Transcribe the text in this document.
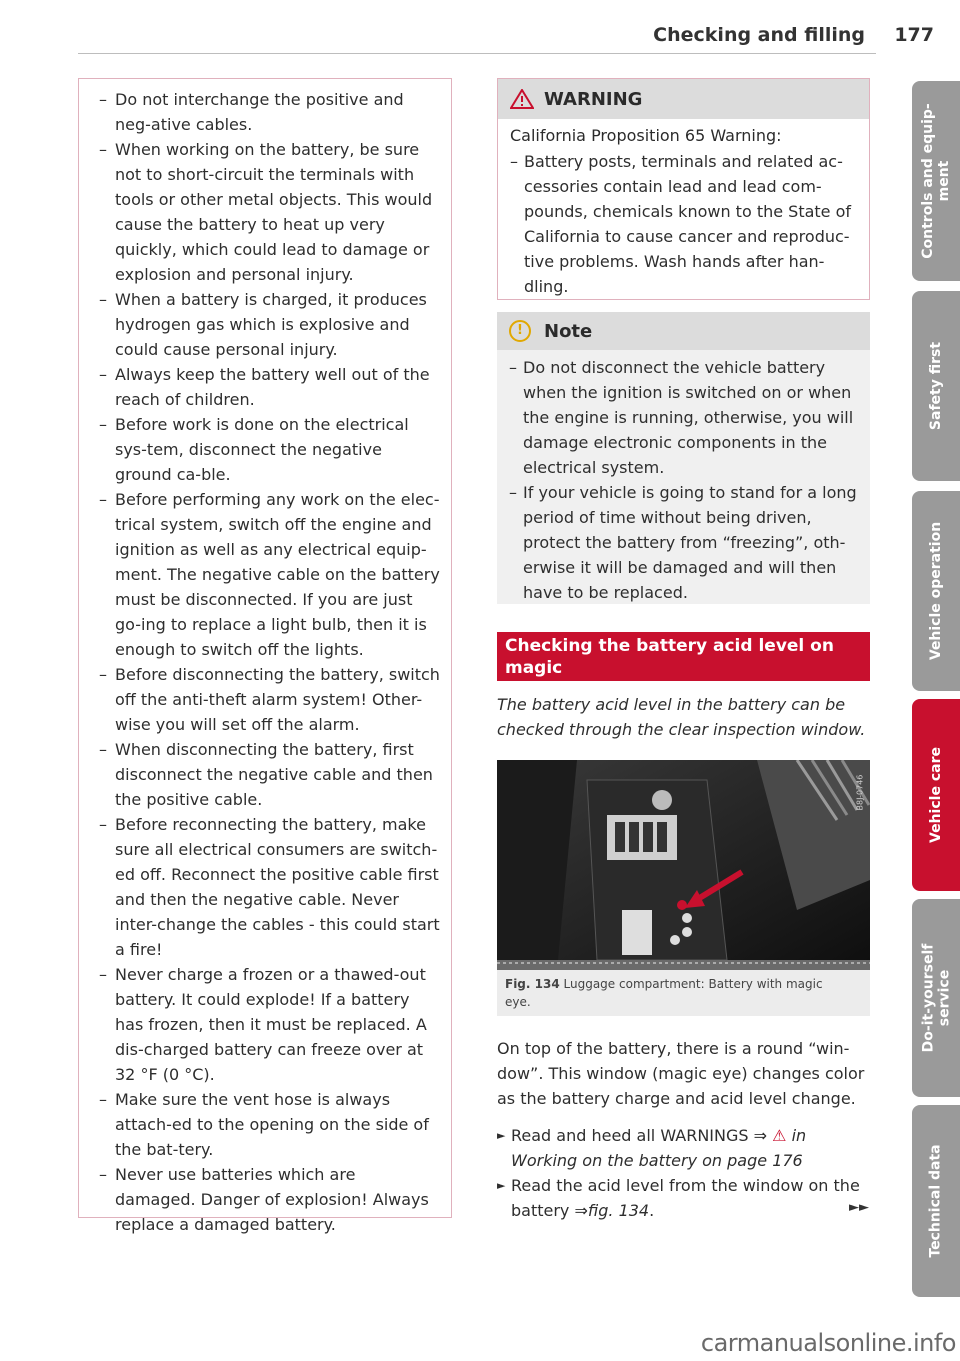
Checking and filling 177
– Do not interchange the positive and neg-ative cables.
– When working on the battery, be sure not to short-circuit the terminals with tools or other metal objects. This would cause the battery to heat up very quickly, which could lead to damage or explosion and personal injury.
– When a battery is charged, it produces hydrogen gas which is explosive and could cause personal injury.
– Always keep the battery well out of the reach of children.
– Before work is done on the electrical sys-tem, disconnect the negative ground ca-ble.
– Before performing any work on the elec-trical system, switch off the engine and ignition as well as any electrical equip-ment. The negative cable on the battery must be disconnected. If you are just go-ing to replace a light bulb, then it is enough to switch off the lights.
– Before disconnecting the battery, switch off the anti-theft alarm system! Other-wise you will set off the alarm.
– When disconnecting the battery, first disconnect the negative cable and then the positive cable.
– Before reconnecting the battery, make sure all electrical consumers are switch-ed off. Reconnect the positive cable first and then the negative cable. Never inter-change the cables - this could start a fire!
– Never charge a frozen or a thawed-out battery. It could explode! If a battery has frozen, then it must be replaced. A dis-charged battery can freeze over at 32 °F (0 °C).
– Make sure the vent hose is always attach-ed to the opening on the side of the bat-tery.
– Never use batteries which are damaged. Danger of explosion! Always replace a damaged battery.
WARNING
California Proposition 65 Warning:
– Battery posts, terminals and related ac-cessories contain lead and lead com-pounds, chemicals known to the State of California to cause cancer and reproduc-tive problems. Wash hands after han-dling.
!	Note
– Do not disconnect the vehicle battery when the ignition is switched on or when the engine is running, otherwise, you will damage electronic components in the electrical system.
– If your vehicle is going to stand for a long period of time without being driven, protect the battery from “freezing”, oth-erwise it will be damaged and will then have to be replaced.
Checking the battery acid level on magic
eye batteries*
The battery acid level in the battery can be
checked through the clear inspection window.
B8J-0746
Fig. 134 Luggage compartment: Battery with magic
eye.
On top of the battery, there is a round “win-dow”. This window (magic eye) changes color as the battery charge and acid level change.
► Read and heed all WARNINGS ⇒ ⚠ in Working on the battery on page 176
► Read the acid level from the window on the battery ⇒fig. 134.	►►
Controls and equip- ment
Safety first
Vehicle operation
Vehicle care
Do-it-yourself service
Technical data
carmanualsonline.info
